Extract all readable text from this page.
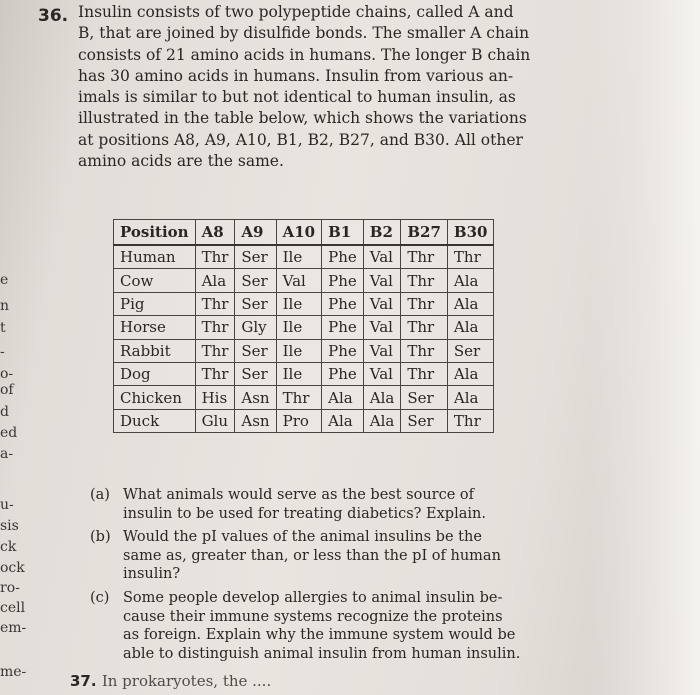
e
n
t
-
o-
of
d
ed
a-
u-
sis
ck
ock
ro-
cell
em-
me-
36. Insulin consists of two polypeptide chains, called A and
B, that are joined by disulfide bonds. The smaller A chain
consists of 21 amino acids in humans. The longer B chain
has 30 amino acids in humans. Insulin from various an-
imals is similar to but not identical to human insulin, as
illustrated in the table below, which shows the variations
at positions A8, A9, A10, B1, B2, B27, and B30. All other
amino acids are the same.
Position	A8	A9	A10	B1	B2	B27	B30
Human	Thr	Ser	Ile	Phe	Val	Thr	Thr
Cow	Ala	Ser	Val	Phe	Val	Thr	Ala
Pig	Thr	Ser	Ile	Phe	Val	Thr	Ala
Horse	Thr	Gly	Ile	Phe	Val	Thr	Ala
Rabbit	Thr	Ser	Ile	Phe	Val	Thr	Ser
Dog	Thr	Ser	Ile	Phe	Val	Thr	Ala
Chicken	His	Asn	Thr	Ala	Ala	Ser	Ala
Duck	Glu	Asn	Pro	Ala	Ala	Ser	Thr
(a) What animals would serve as the best source of
insulin to be used for treating diabetics? Explain.
(b) Would the pI values of the animal insulins be the
same as, greater than, or less than the pI of human
insulin?
(c) Some people develop allergies to animal insulin be-
cause their immune systems recognize the proteins
as foreign. Explain why the immune system would be
able to distinguish animal insulin from human insulin.
37. In prokaryotes, the ....
